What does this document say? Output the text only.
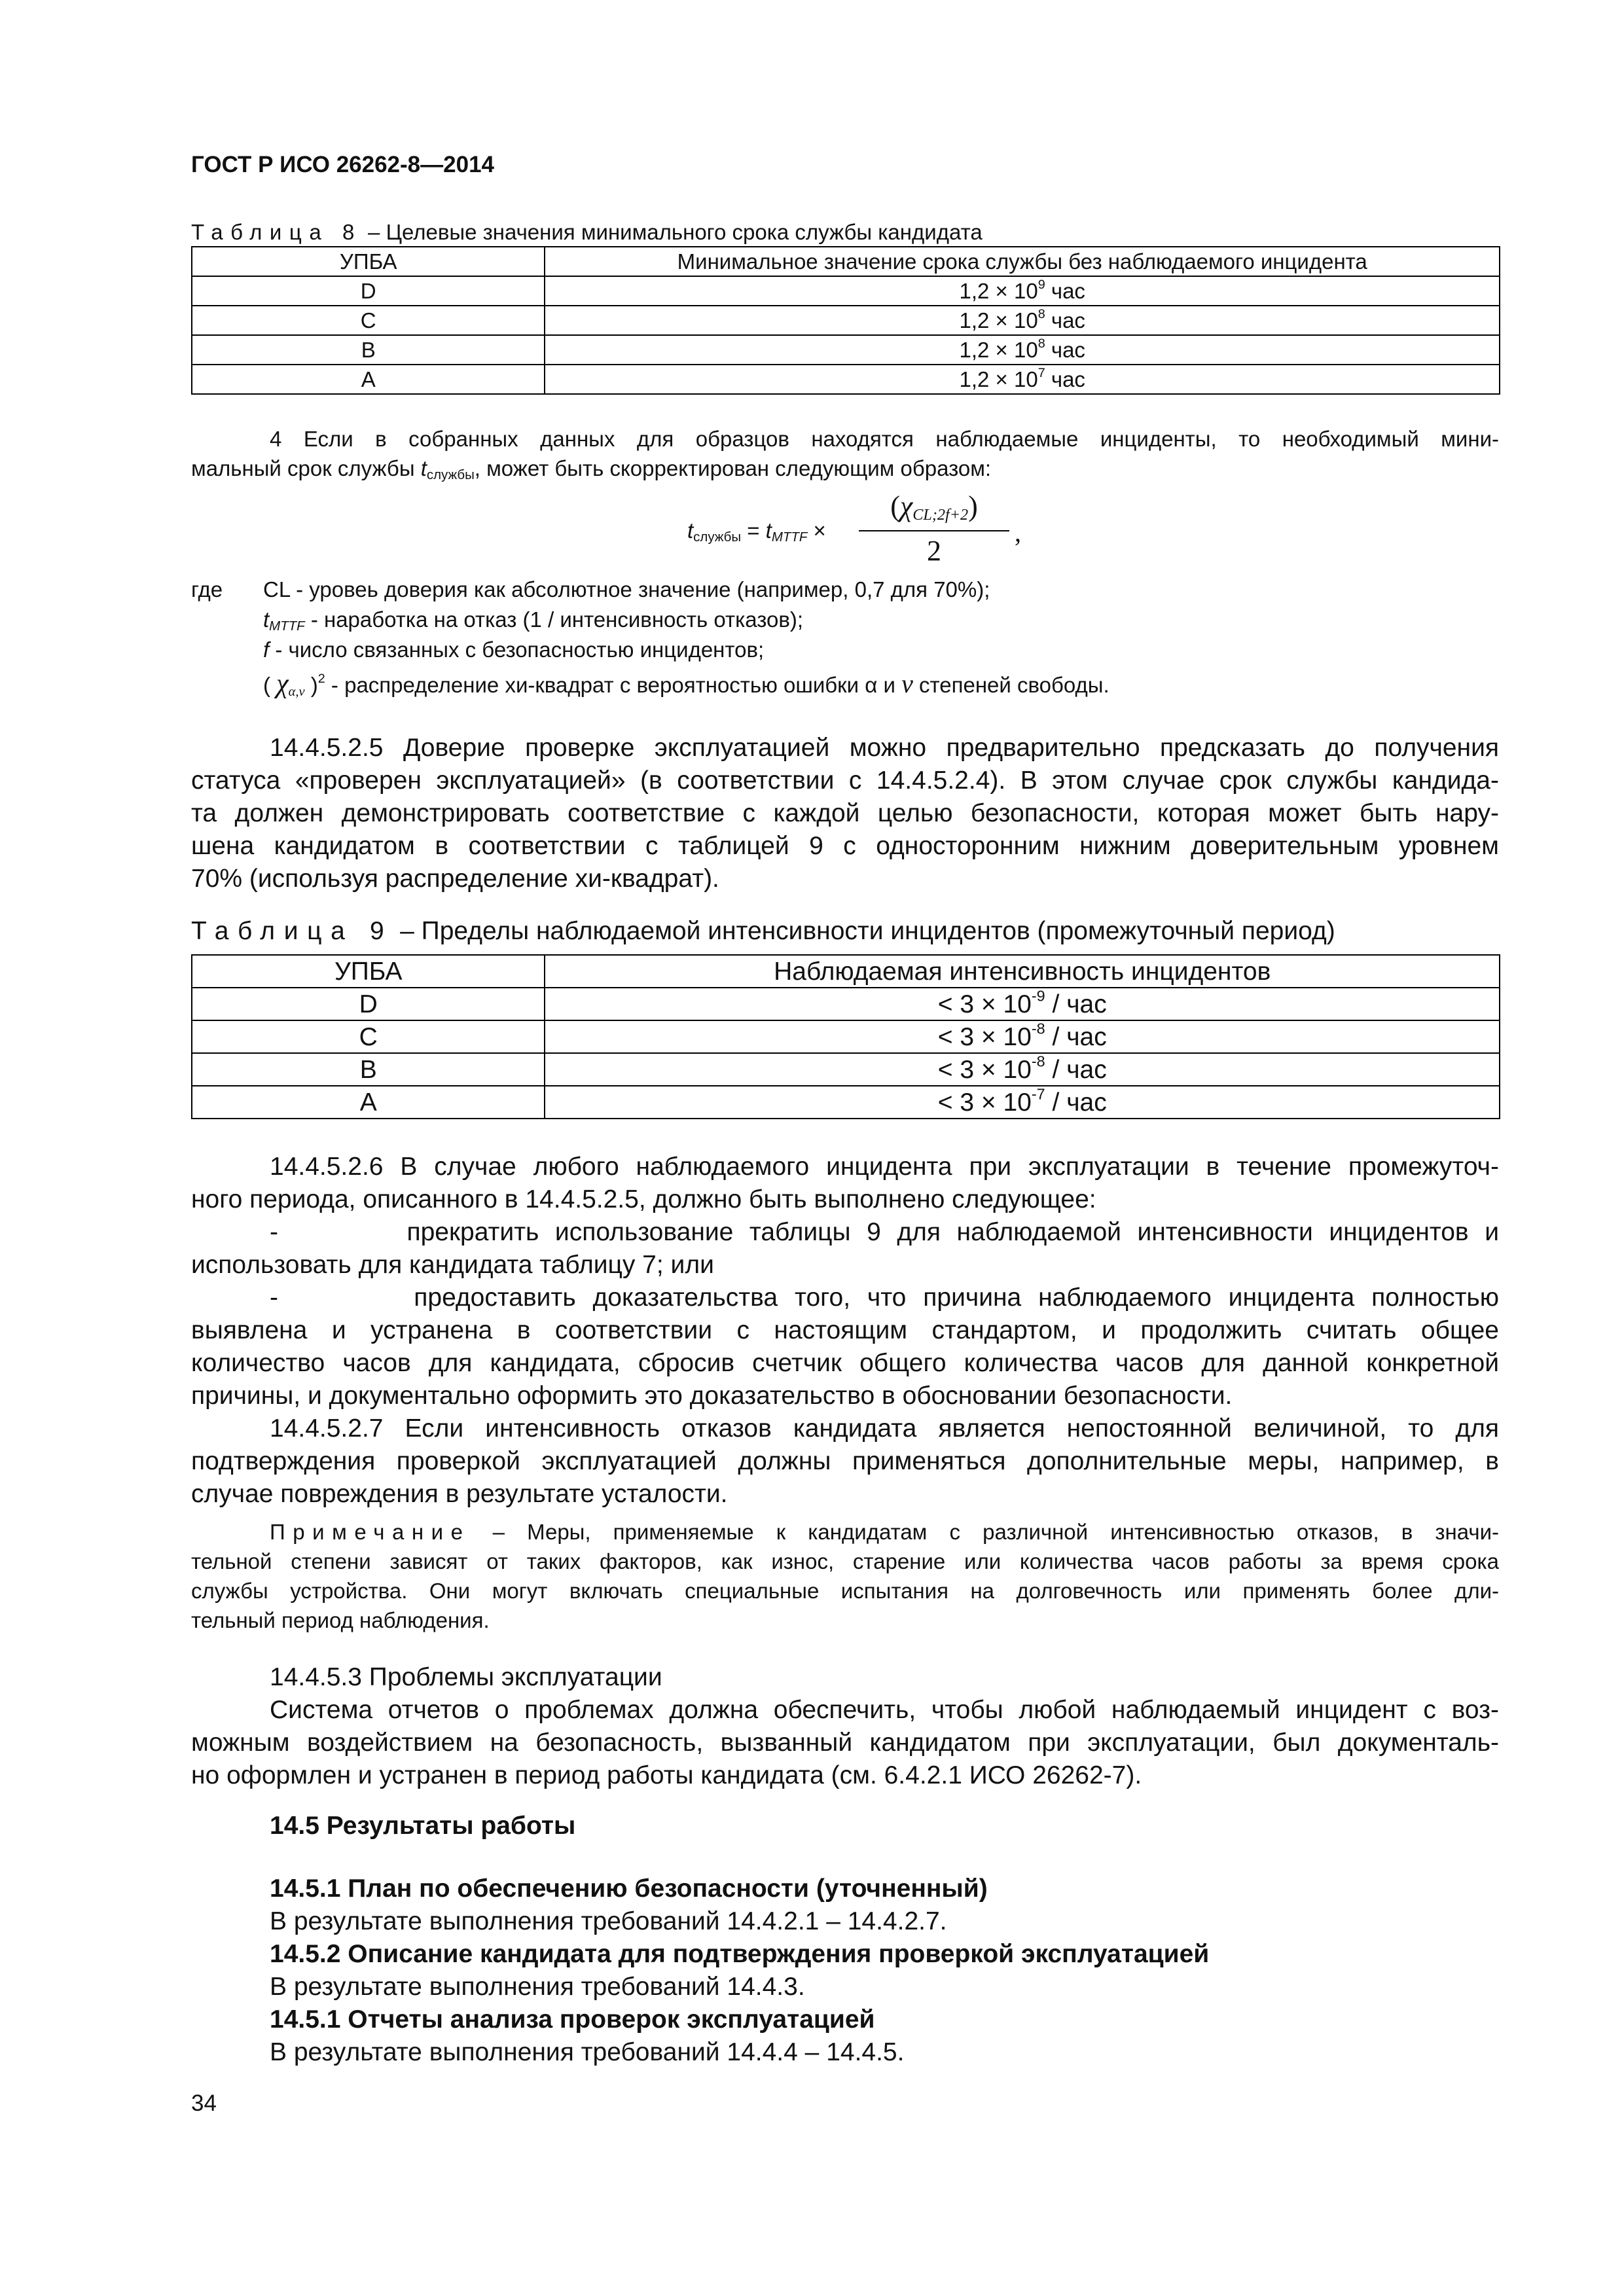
ГОСТ Р ИСО 26262-8—2014
Таблица 8 – Целевые значения минимального срока службы кандидата
УПБА	Минимальное значение срока службы без наблюдаемого инцидента
D	$1,2 \times 10^9$ час
C	$1,2 \times 10^8$ час
B	$1,2 \times 10^8$ час
A	$1,2 \times 10^7$ час
4 Если в собранных данных для образцов находятся наблюдаемые инциденты, то необходимый мини-
мальный срок службы $t_{службы}$, может быть скорректирован следующим образом:
$t_{службы} = t_{MTTF}$ ×
$(\chi_{CL;2f+2})$
2
,
где CL - уровеь доверия как абсолютное значение (например, 0,7 для 70%);
$t_{MTTF}$ - наработка на отказ (1 / интенсивность отказов);
f - число связанных с безопасностью инцидентов;
( $\chi_{\alpha,\nu}$ )$^2$ - распределение хи-квадрат с вероятностью ошибки α и ν степеней свободы.
14.4.5.2.5 Доверие проверке эксплуатацией можно предварительно предсказать до получения
статуса «проверен эксплуатацией» (в соответствии с 14.4.5.2.4). В этом случае срок службы кандида-
та должен демонстрировать соответствие с каждой целью безопасности, которая может быть нару-
шена кандидатом в соответствии с таблицей 9 с односторонним нижним доверительным уровнем
70% (используя распределение хи-квадрат).
Таблица 9 – Пределы наблюдаемой интенсивности инцидентов (промежуточный период)
УПБА	Наблюдаемая интенсивность инцидентов
D	< $3 \times 10^{-9}$ / час
C	< $3 \times 10^{-8}$ / час
B	< $3 \times 10^{-8}$ / час
A	< $3 \times 10^{-7}$ / час
14.4.5.2.6 В случае любого наблюдаемого инцидента при эксплуатации в течение промежуточ-
ного периода, описанного в 14.4.5.2.5, должно быть выполнено следующее:
-        прекратить использование таблицы 9 для наблюдаемой интенсивности инцидентов и
использовать для кандидата таблицу 7; или
-        предоставить доказательства того, что причина наблюдаемого инцидента полностью
выявлена и устранена в соответствии с настоящим стандартом, и продолжить считать общее
количество часов для кандидата, сбросив счетчик общего количества часов для данной конкретной
причины, и документально оформить это доказательство в обосновании безопасности.
14.4.5.2.7 Если интенсивность отказов кандидата является непостоянной величиной, то для
подтверждения проверкой эксплуатацией должны применяться дополнительные меры, например, в
случае повреждения в результате усталости.
Примечание – Меры, применяемые к кандидатам с различной интенсивностью отказов, в значи-
тельной степени зависят от таких факторов, как износ, старение или количества часов работы за время срока
службы устройства. Они могут включать специальные испытания на долговечность или применять более дли-
тельный период наблюдения.
14.4.5.3 Проблемы эксплуатации
Система отчетов о проблемах должна обеспечить, чтобы любой наблюдаемый инцидент с воз-
можным воздействием на безопасность, вызванный кандидатом при эксплуатации, был документаль-
но оформлен и устранен в период работы кандидата (см. 6.4.2.1 ИСО 26262-7).
14.5 Результаты работы
14.5.1 План по обеспечению безопасности (уточненный)
В результате выполнения требований 14.4.2.1 – 14.4.2.7.
14.5.2 Описание кандидата для подтверждения проверкой эксплуатацией
В результате выполнения требований 14.4.3.
14.5.1 Отчеты анализа проверок эксплуатацией
В результате выполнения требований 14.4.4 – 14.4.5.
34
